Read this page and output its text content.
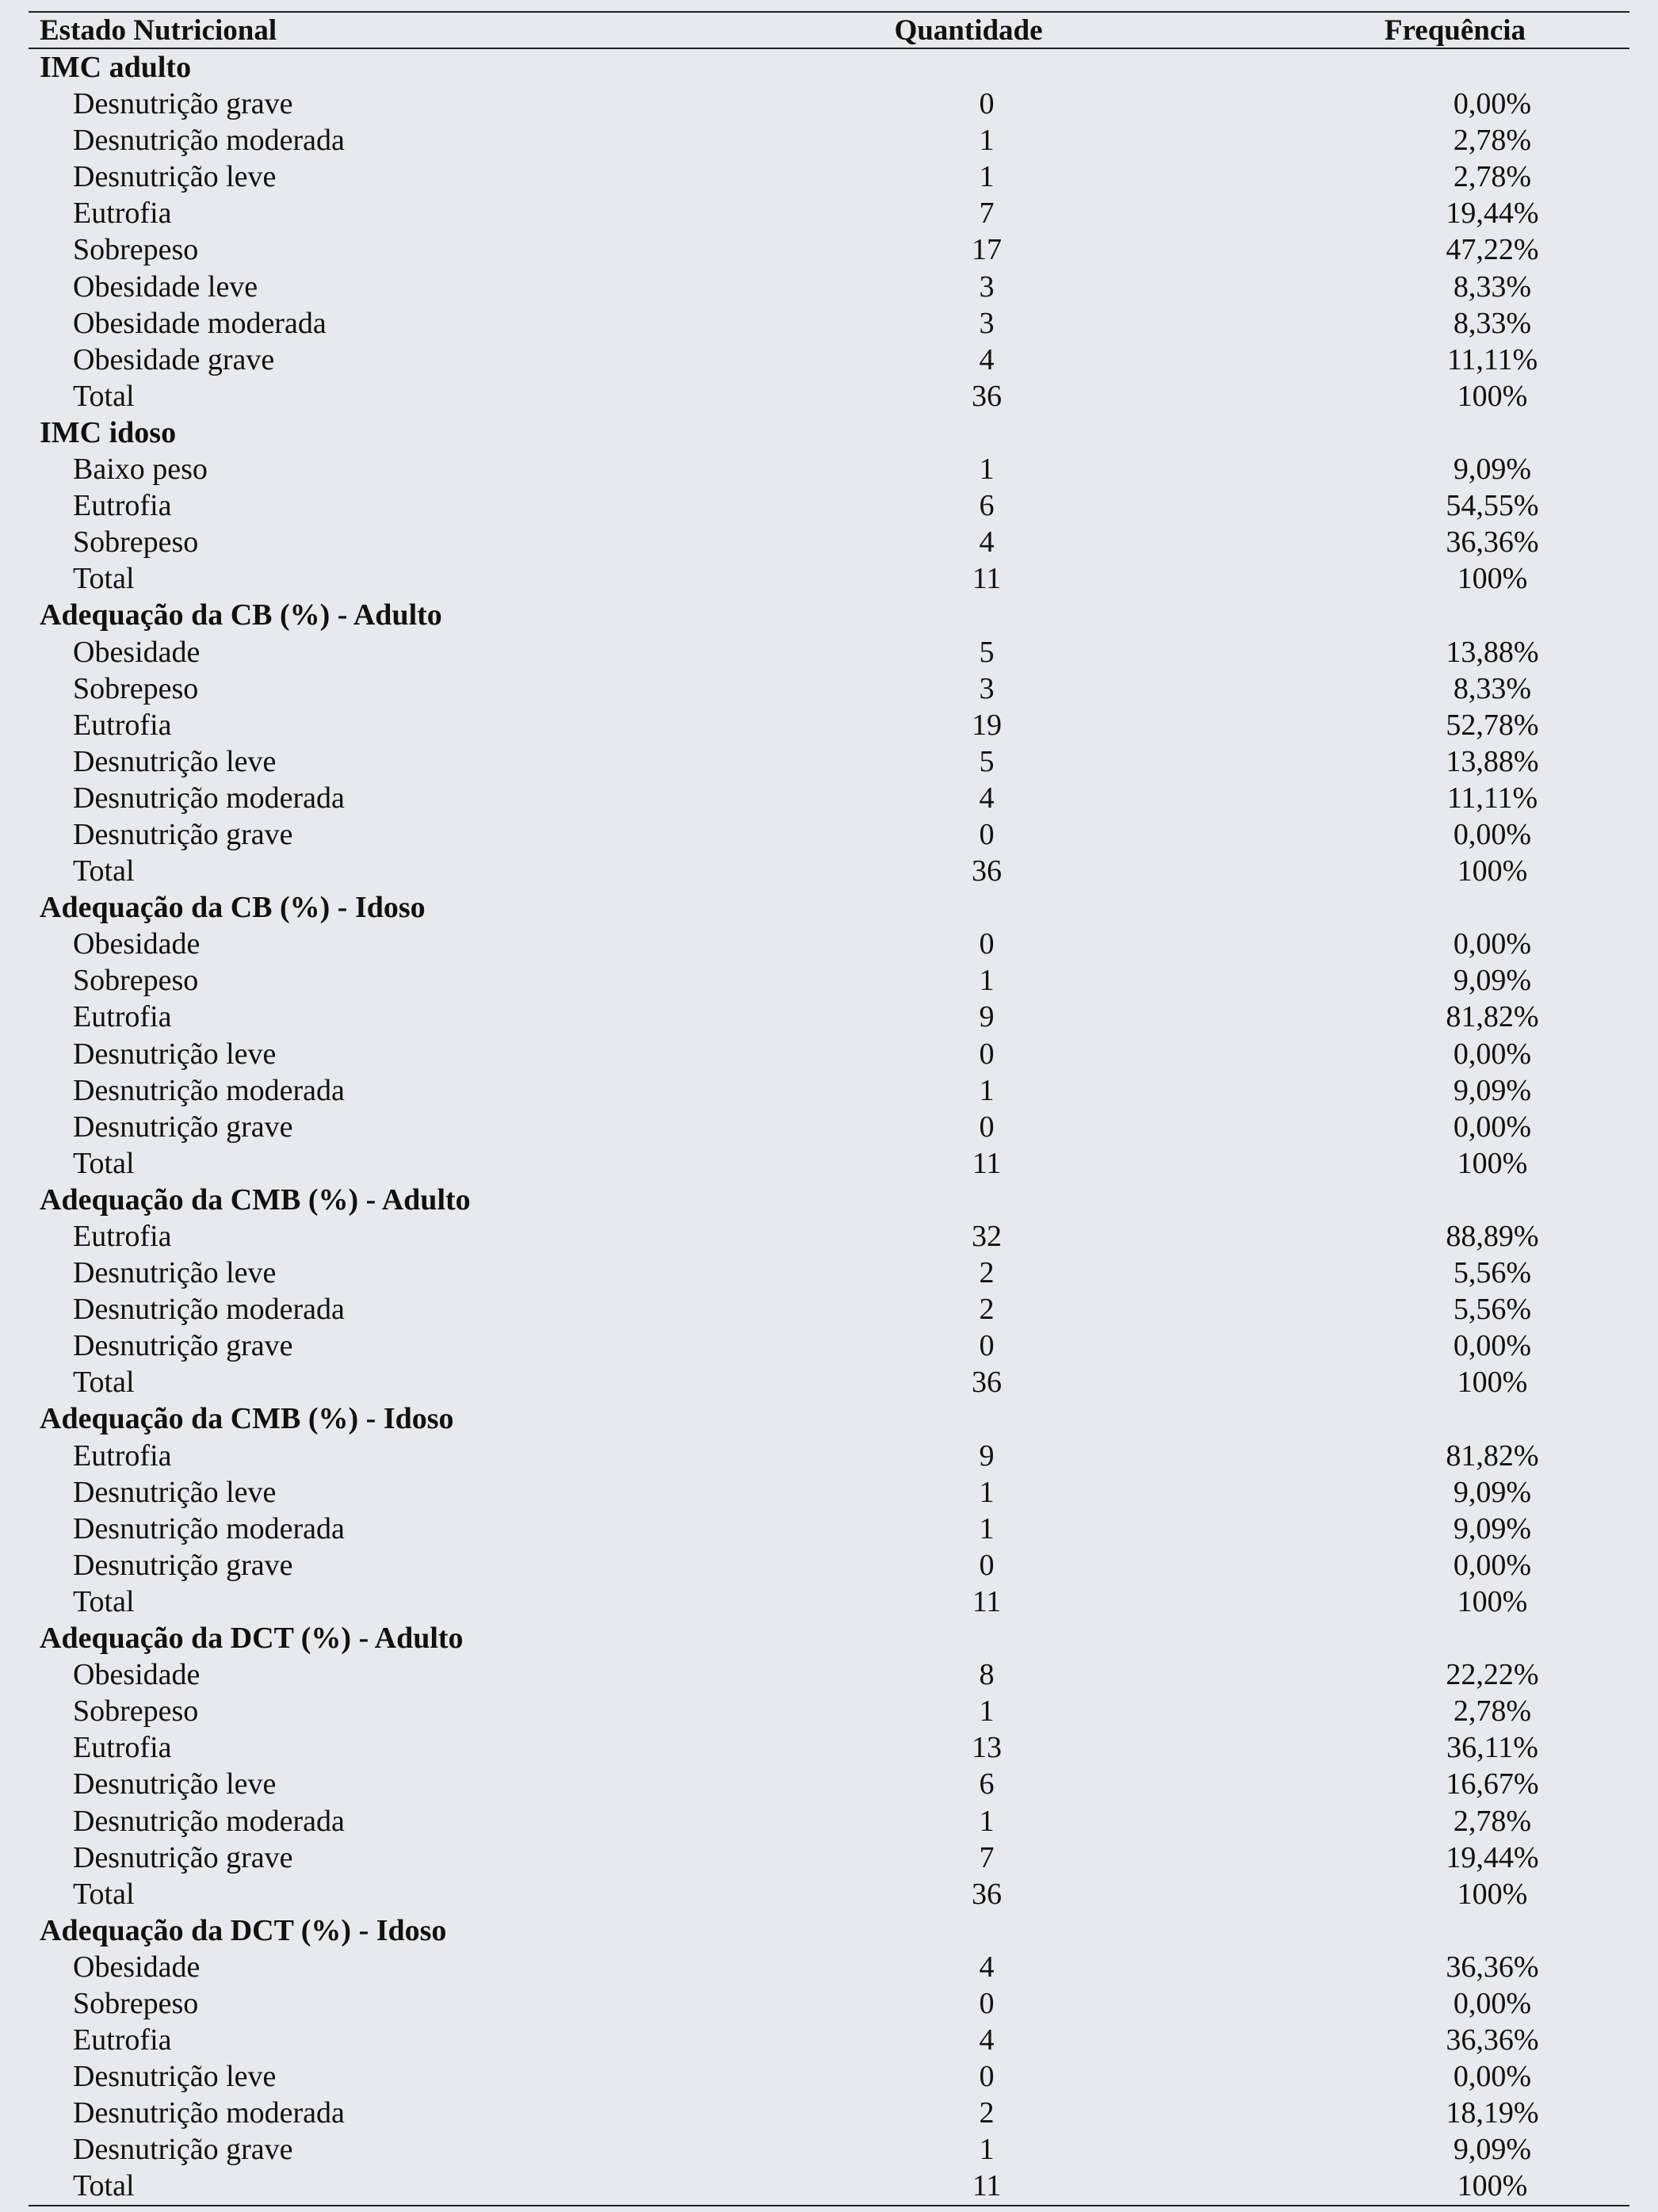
Estado Nutricional	Quantidade	Frequência
IMC adulto
Desnutrição grave	0	0,00%
Desnutrição moderada	1	2,78%
Desnutrição leve	1	2,78%
Eutrofia	7	19,44%
Sobrepeso	17	47,22%
Obesidade leve	3	8,33%
Obesidade moderada	3	8,33%
Obesidade grave	4	11,11%
Total	36	100%
IMC idoso
Baixo peso	1	9,09%
Eutrofia	6	54,55%
Sobrepeso	4	36,36%
Total	11	100%
Adequação da CB (%) - Adulto
Obesidade	5	13,88%
Sobrepeso	3	8,33%
Eutrofia	19	52,78%
Desnutrição leve	5	13,88%
Desnutrição moderada	4	11,11%
Desnutrição grave	0	0,00%
Total	36	100%
Adequação da CB (%) - Idoso
Obesidade	0	0,00%
Sobrepeso	1	9,09%
Eutrofia	9	81,82%
Desnutrição leve	0	0,00%
Desnutrição moderada	1	9,09%
Desnutrição grave	0	0,00%
Total	11	100%
Adequação da CMB (%) - Adulto
Eutrofia	32	88,89%
Desnutrição leve	2	5,56%
Desnutrição moderada	2	5,56%
Desnutrição grave	0	0,00%
Total	36	100%
Adequação da CMB (%) - Idoso
Eutrofia	9	81,82%
Desnutrição leve	1	9,09%
Desnutrição moderada	1	9,09%
Desnutrição grave	0	0,00%
Total	11	100%
Adequação da DCT (%) - Adulto
Obesidade	8	22,22%
Sobrepeso	1	2,78%
Eutrofia	13	36,11%
Desnutrição leve	6	16,67%
Desnutrição moderada	1	2,78%
Desnutrição grave	7	19,44%
Total	36	100%
Adequação da DCT (%) - Idoso
Obesidade	4	36,36%
Sobrepeso	0	0,00%
Eutrofia	4	36,36%
Desnutrição leve	0	0,00%
Desnutrição moderada	2	18,19%
Desnutrição grave	1	9,09%
Total	11	100%
